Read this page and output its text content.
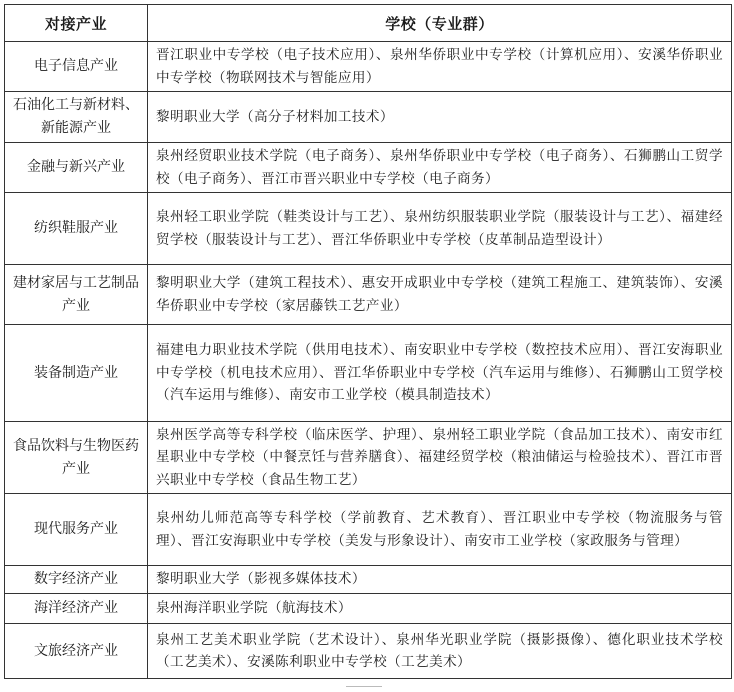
对接产业	学校（专业群）
电子信息产业	晋江职业中专学校（电子技术应用）、泉州华侨职业中专学校（计算机应用）、安溪华侨职业中专学校（物联网技术与智能应用）
石油化工与新材料、新能源产业	黎明职业大学（高分子材料加工技术）
金融与新兴产业	泉州经贸职业技术学院（电子商务）、泉州华侨职业中专学校（电子商务）、石狮鹏山工贸学校（电子商务）、晋江市晋兴职业中专学校（电子商务）
纺织鞋服产业	泉州轻工职业学院（鞋类设计与工艺）、泉州纺织服装职业学院（服装设计与工艺）、福建经贸学校（服装设计与工艺）、晋江华侨职业中专学校（皮革制品造型设计）
建材家居与工艺制品产业	黎明职业大学（建筑工程技术）、惠安开成职业中专学校（建筑工程施工、建筑装饰）、安溪华侨职业中专学校（家居藤铁工艺产业）
装备制造产业	福建电力职业技术学院（供用电技术）、南安职业中专学校（数控技术应用）、晋江安海职业中专学校（机电技术应用）、晋江华侨职业中专学校（汽车运用与维修）、石狮鹏山工贸学校（汽车运用与维修）、南安市工业学校（模具制造技术）
食品饮料与生物医药产业	泉州医学高等专科学校（临床医学、护理）、泉州轻工职业学院（食品加工技术）、南安市红星职业中专学校（中餐烹饪与营养膳食）、福建经贸学校（粮油储运与检验技术）、晋江市晋兴职业中专学校（食品生物工艺）
现代服务产业	泉州幼儿师范高等专科学校（学前教育、艺术教育）、晋江职业中专学校（物流服务与管理）、晋江安海职业中专学校（美发与形象设计）、南安市工业学校（家政服务与管理）
数字经济产业	黎明职业大学（影视多媒体技术）
海洋经济产业	泉州海洋职业学院（航海技术）
文旅经济产业	泉州工艺美术职业学院（艺术设计）、泉州华光职业学院（摄影摄像）、德化职业技术学校（工艺美术）、安溪陈利职业中专学校（工艺美术）
